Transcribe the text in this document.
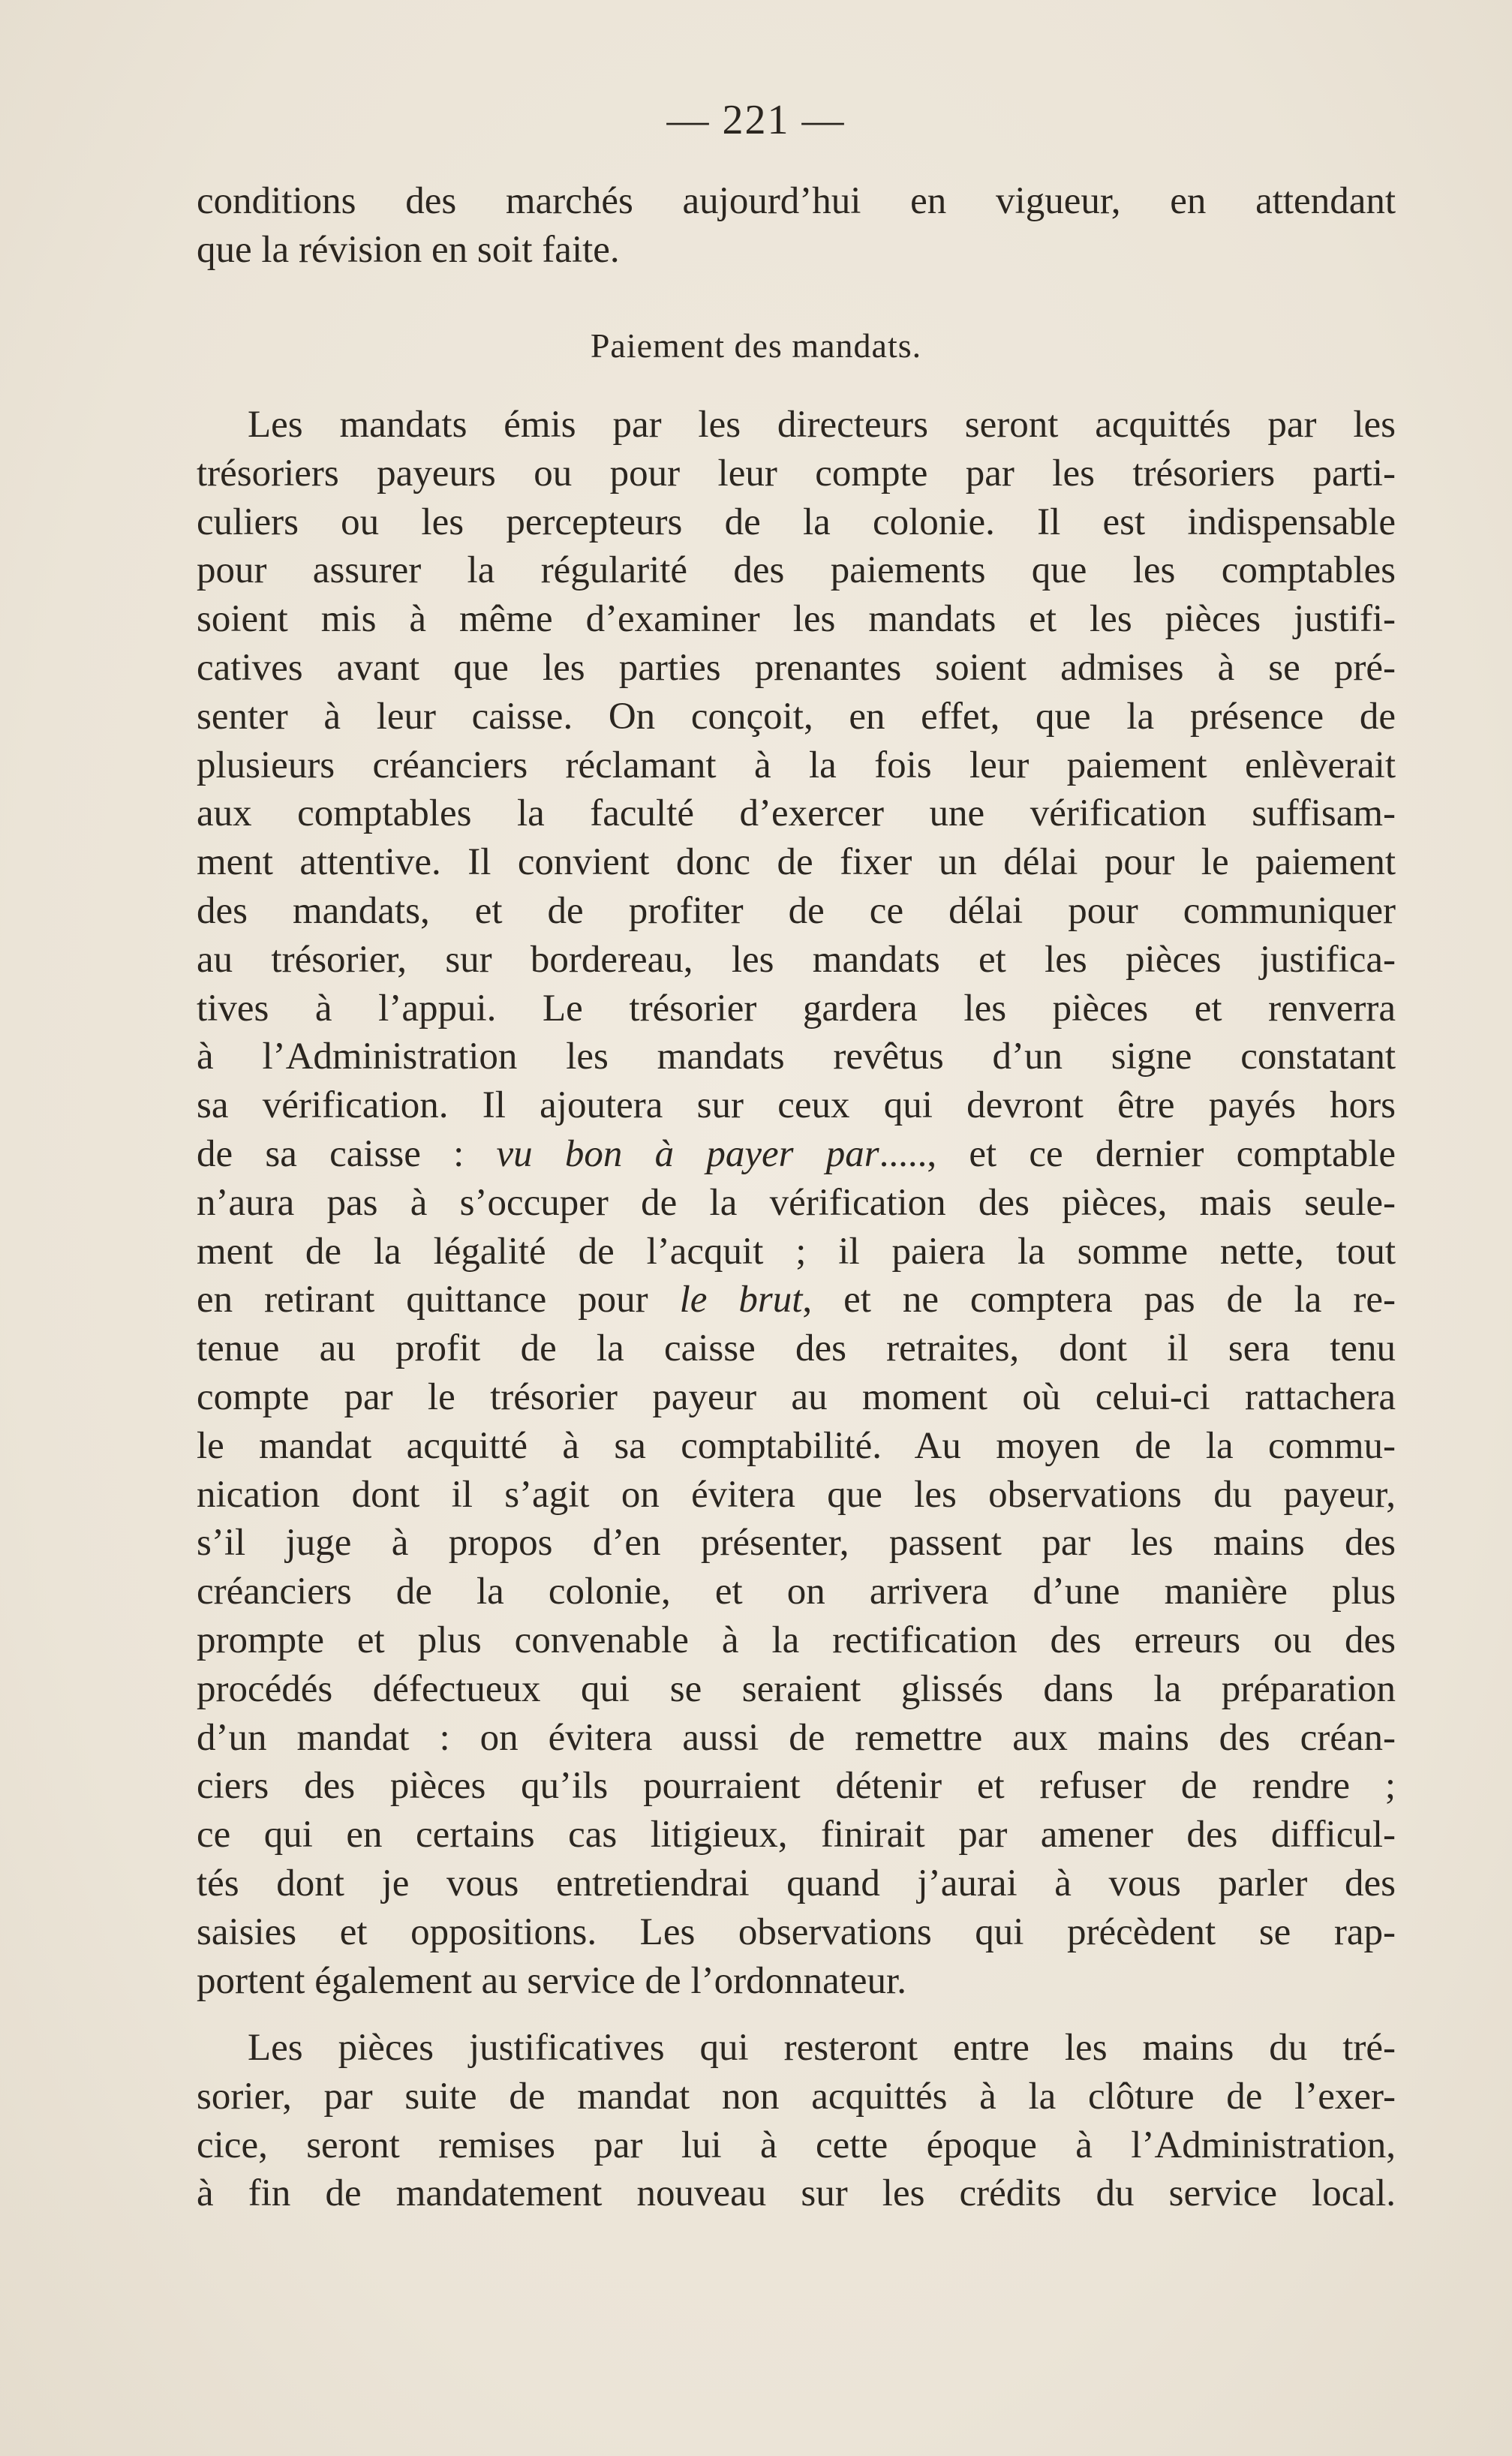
— 221 —
conditions des marchés aujourd’hui en vigueur, en attendant
que la révision en soit faite.
Paiement des mandats.
Les mandats émis par les directeurs seront acquittés par les
trésoriers payeurs ou pour leur compte par les trésoriers parti-
culiers ou les percepteurs de la colonie. Il est indispensable
pour assurer la régularité des paiements que les comptables
soient mis à même d’examiner les mandats et les pièces justifi-
catives avant que les parties prenantes soient admises à se pré-
senter à leur caisse. On conçoit, en effet, que la présence de
plusieurs créanciers réclamant à la fois leur paiement enlèverait
aux comptables la faculté d’exercer une vérification suffisam-
ment attentive. Il convient donc de fixer un délai pour le paiement
des mandats, et de profiter de ce délai pour communiquer
au trésorier, sur bordereau, les mandats et les pièces justifica-
tives à l’appui. Le trésorier gardera les pièces et renverra
à l’Administration les mandats revêtus d’un signe constatant
sa vérification. Il ajoutera sur ceux qui devront être payés hors
de sa caisse : vu bon à payer par....., et ce dernier comptable
n’aura pas à s’occuper de la vérification des pièces, mais seule-
ment de la légalité de l’acquit ; il paiera la somme nette, tout
en retirant quittance pour le brut, et ne comptera pas de la re-
tenue au profit de la caisse des retraites, dont il sera tenu
compte par le trésorier payeur au moment où celui-ci rattachera
le mandat acquitté à sa comptabilité. Au moyen de la commu-
nication dont il s’agit on évitera que les observations du payeur,
s’il juge à propos d’en présenter, passent par les mains des
créanciers de la colonie, et on arrivera d’une manière plus
prompte et plus convenable à la rectification des erreurs ou des
procédés défectueux qui se seraient glissés dans la préparation
d’un mandat : on évitera aussi de remettre aux mains des créan-
ciers des pièces qu’ils pourraient détenir et refuser de rendre ;
ce qui en certains cas litigieux, finirait par amener des difficul-
tés dont je vous entretiendrai quand j’aurai à vous parler des
saisies et oppositions. Les observations qui précèdent se rap-
portent également au service de l’ordonnateur.
Les pièces justificatives qui resteront entre les mains du tré-
sorier, par suite de mandat non acquittés à la clôture de l’exer-
cice, seront remises par lui à cette époque à l’Administration,
à fin de mandatement nouveau sur les crédits du service local.
